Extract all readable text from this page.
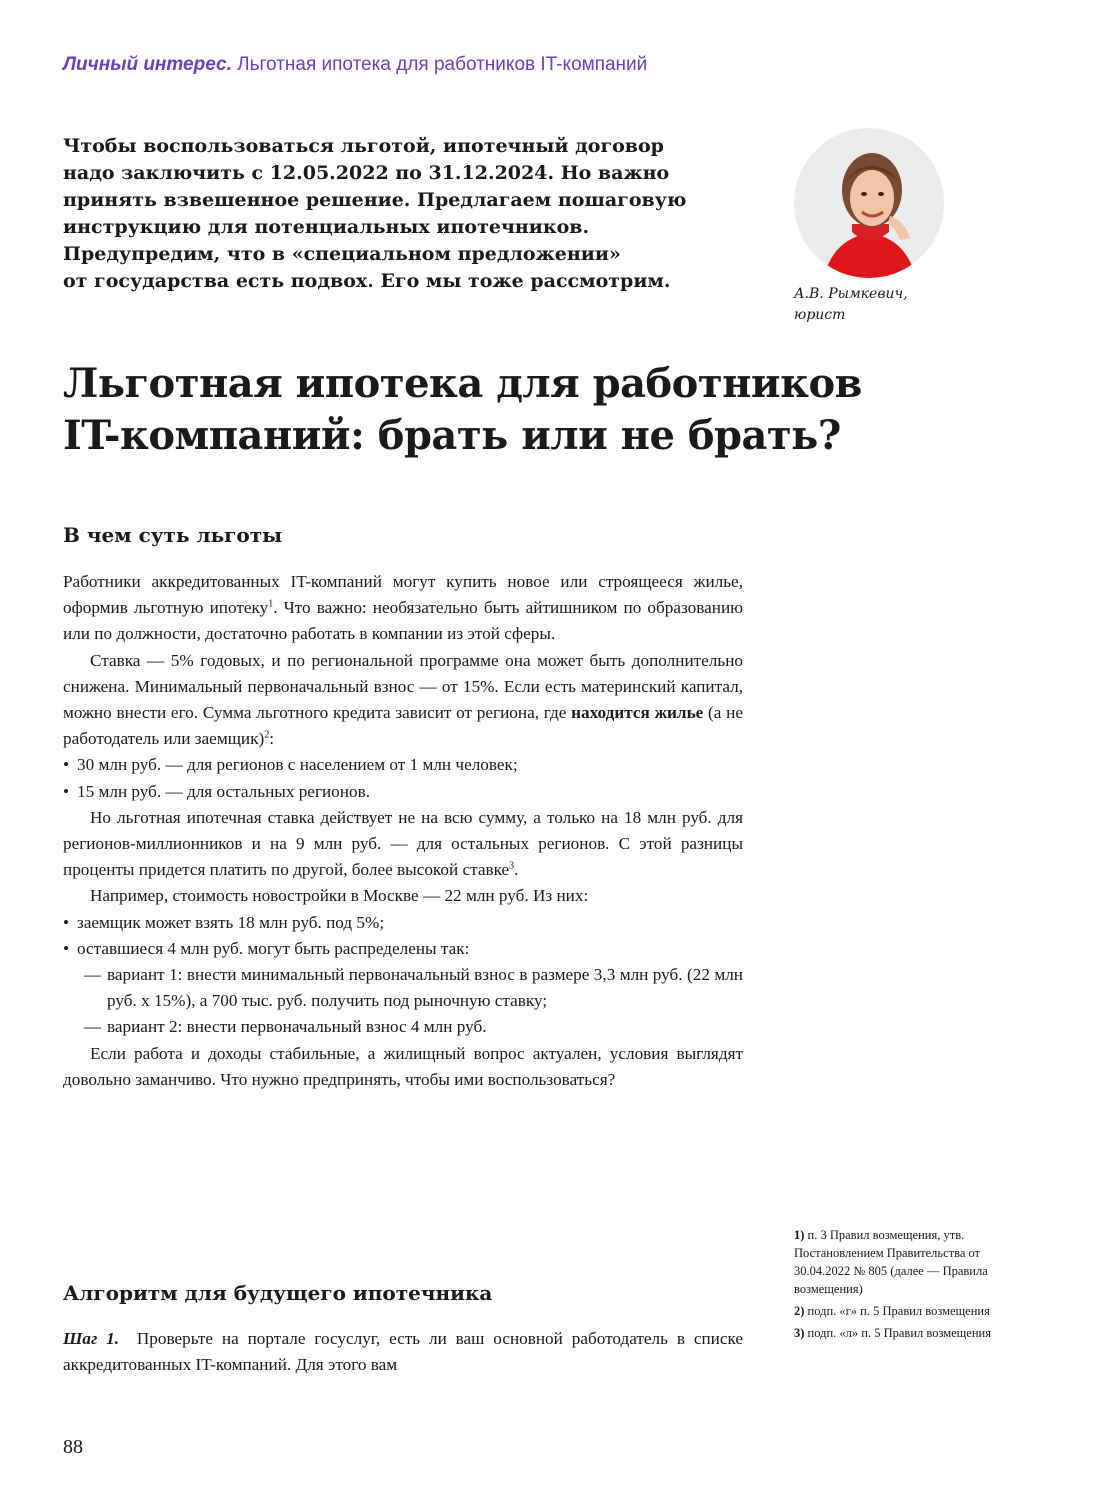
Личный интерес. Льготная ипотека для работников IT-компаний
Чтобы воспользоваться льготой, ипотечный договор
надо заключить с 12.05.2022 по 31.12.2024. Но важно
принять взвешенное решение. Предлагаем пошаговую
инструкцию для потенциальных ипотечников.
Предупредим, что в «специальном предложении»
от государства есть подвох. Его мы тоже рассмотрим.
А.В. Рымкевич,
юрист
Льготная ипотека для работников
IT-компаний: брать или не брать?
В чем суть льготы

Работники аккредитованных IT-компаний могут купить новое или строящееся жилье, оформив льготную ипотеку$^1$. Что важно: необязательно быть айтишником по образованию или по должности, достаточно работать в компании из этой сферы.

Ставка — 5% годовых, и по региональной программе она может быть дополнительно снижена. Минимальный первоначальный взнос — от 15%. Если есть материнский капитал, можно внести его. Сумма льготного кредита зависит от региона, где находится жилье (а не работодатель или заемщик)$^2$:

• 30 млн руб. — для регионов с населением от 1 млн человек;
• 15 млн руб. — для остальных регионов.

Но льготная ипотечная ставка действует не на всю сумму, а только на 18 млн руб. для регионов-миллионников и на 9 млн руб. — для остальных регионов. С этой разницы проценты придется платить по другой, более высокой ставке$^3$.

Например, стоимость новостройки в Москве — 22 млн руб. Из них:

• заемщик может взять 18 млн руб. под 5%;
• оставшиеся 4 млн руб. могут быть распределены так:
— вариант 1: внести минимальный первоначальный взнос в размере 3,3 млн руб. (22 млн руб. х 15%), а 700 тыс. руб. получить под рыночную ставку;
— вариант 2: внести первоначальный взнос 4 млн руб.

Если работа и доходы стабильные, а жилищный вопрос актуален, условия выглядят довольно заманчиво. Что нужно предпринять, чтобы ими воспользоваться?

Алгоритм для будущего ипотечника

Шаг 1. Проверьте на портале госуслуг, есть ли ваш основной работодатель в списке аккредитованных IT-компаний. Для этого вам

1) п. 3 Правил возмещения, утв. Постановлением Правительства от 30.04.2022 № 805 (далее — Правила возмещения)
2) подп. «г» п. 5 Правил возмещения
3) подп. «л» п. 5 Правил возмещения
88
